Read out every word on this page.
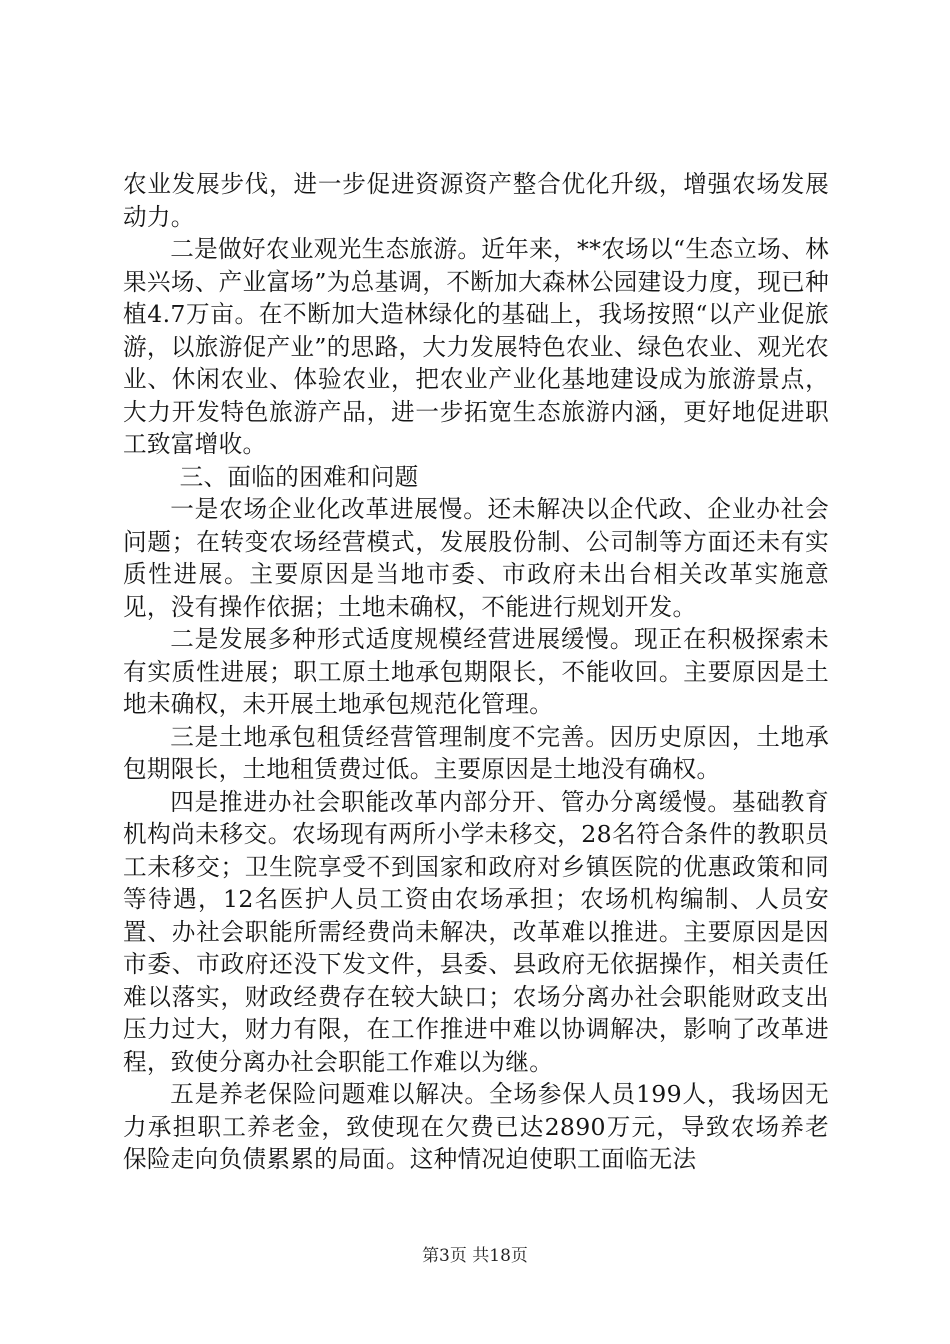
农业发展步伐，进一步促进资源资产整合优化升级，增强农场发展动力。

二是做好农业观光生态旅游。近年来，**农场以“生态立场、林果兴场、产业富场”为总基调，不断加大森林公园建设力度，现已种植4.7万亩。在不断加大造林绿化的基础上，我场按照“以产业促旅游，以旅游促产业”的思路，大力发展特色农业、绿色农业、观光农业、休闲农业、体验农业，把农业产业化基地建设成为旅游景点，大力开发特色旅游产品，进一步拓宽生态旅游内涵，更好地促进职工致富增收。

三、面临的困难和问题

一是农场企业化改革进展慢。还未解决以企代政、企业办社会问题；在转变农场经营模式，发展股份制、公司制等方面还未有实质性进展。主要原因是当地市委、市政府未出台相关改革实施意见，没有操作依据；土地未确权，不能进行规划开发。

二是发展多种形式适度规模经营进展缓慢。现正在积极探索未有实质性进展；职工原土地承包期限长，不能收回。主要原因是土地未确权，未开展土地承包规范化管理。

三是土地承包租赁经营管理制度不完善。因历史原因，土地承包期限长，土地租赁费过低。主要原因是土地没有确权。

四是推进办社会职能改革内部分开、管办分离缓慢。基础教育机构尚未移交。农场现有两所小学未移交，28名符合条件的教职员工未移交；卫生院享受不到国家和政府对乡镇医院的优惠政策和同等待遇，12名医护人员工资由农场承担；农场机构编制、人员安置、办社会职能所需经费尚未解决，改革难以推进。主要原因是因市委、市政府还没下发文件，县委、县政府无依据操作，相关责任难以落实，财政经费存在较大缺口；农场分离办社会职能财政支出压力过大，财力有限，在工作推进中难以协调解决，影响了改革进程，致使分离办社会职能工作难以为继。

五是养老保险问题难以解决。全场参保人员199人，我场因无力承担职工养老金，致使现在欠费已达2890万元，导致农场养老保险走向负债累累的局面。这种情况迫使职工面临无法

第3页 共18页
